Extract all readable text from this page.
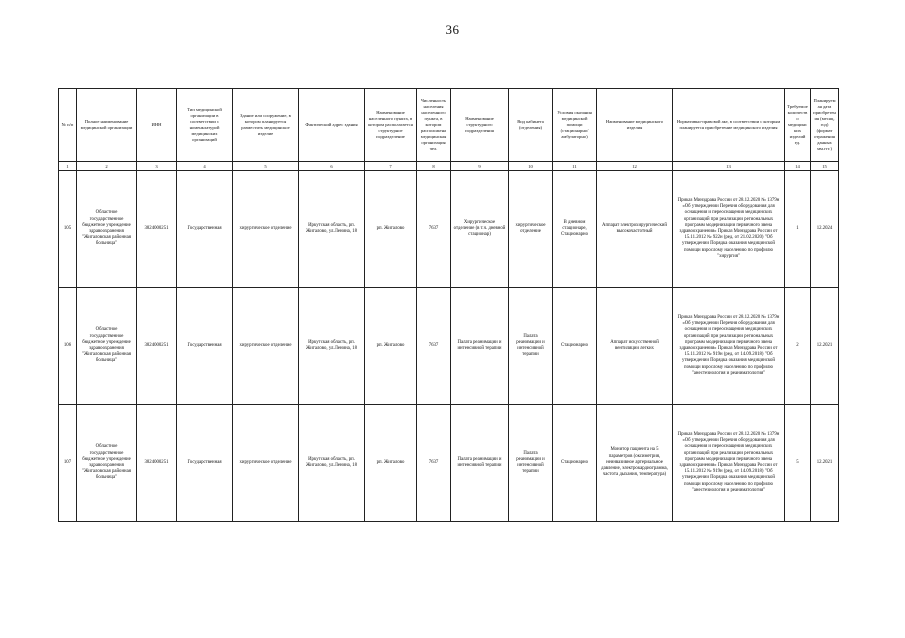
36
№ п/п	Полное наименование медицинской организации	ИНН	Тип медицинской организации в соответствии с номенклатурой медицинских организаций	Здание или сооружение, в котором планируется разместить медицинское изделие	Фактический адрес здания	Наименование населенного пункта, в котором располагается структурное подразделение	Численность населения населенного пункта, в котором расположена медицинская организация чел.	Наименование структурного подразделения	Вид кабинета (отделения)	Условия оказания медицинской помощи (стационарно/амбулаторно)	Наименование медицинского изделия	Нормативно-правовой акт, в соответствии с которым планируется приобретение медицинского изделия	Требуемое количество медицинских изделий ед.	Планируемая дата приобретения (месяц, год) (формат отражения данных мм.ггг.)
1	2	3	4	5	6	7	8	9	10	11	12	13	14	15
105	Областное государственное бюджетное учреждение здравоохранения "Жигаловская районная больница"	3824000251	Государственная	хирургическое отделение	Иркутская область, рп. Жигалово, ул.Ленина, 18	рп. Жигалово	7637	Хирургическое отделение (в т.ч. дневной стационар)	хирургическое отделение	В дневном стационаре, Стационарно	Аппарат электрохирургический высокочастотный	Приказ Минздрава России от 28.12.2020 № 1379н «Об утверждении Перечня оборудования для оснащения и переоснащения медицинских организаций при реализации региональных программ модернизации первичного звена здравоохранения» Приказ Минздрава России от 15.11.2012 № 922н (ред. от 21.02.2020) "Об утверждении Порядка оказания медицинской помощи взрослому населению по профилю "хирургия"	1	12.2024
106	Областное государственное бюджетное учреждение здравоохранения "Жигаловская районная больница"	3824000251	Государственная	хирургическое отделение	Иркутская область, рп. Жигалово, ул.Ленина, 18	рп. Жигалово	7637	Палата реанимации и интенсивной терапии	Палата реанимации и интенсивной терапии	Стационарно	Аппарат искусственной вентиляции легких	Приказ Минздрава России от 28.12.2020 № 1379н «Об утверждении Перечня оборудования для оснащения и переоснащения медицинских организаций при реализации региональных программ модернизации первичного звена здравоохранения» Приказ Минздрава России от 15.11.2012 № 919н (ред. от 14.09.2018) "Об утверждении Порядка оказания медицинской помощи взрослому населению по профилю "анестезиология и реаниматология"	2	12.2021
107	Областное государственное бюджетное учреждение здравоохранения "Жигаловская районная больница"	3824000251	Государственная	хирургическое отделение	Иркутская область, рп. Жигалово, ул.Ленина, 18	рп. Жигалово	7637	Палата реанимации и интенсивной терапии	Палата реанимации и интенсивной терапии	Стационарно	Монитор пациента на 5 параметров (оксиметрия, неинвазивное артериальное давление, электрокардиограмма, частота дыхания, температура)	Приказ Минздрава России от 28.12.2020 № 1379н «Об утверждении Перечня оборудования для оснащения и переоснащения медицинских организаций при реализации региональных программ модернизации первичного звена здравоохранения» Приказ Минздрава России от 15.11.2012 № 919н (ред. от 14.09.2018) "Об утверждении Порядка оказания медицинской помощи взрослому населению по профилю "анестезиология и реаниматология"	5	12.2021
